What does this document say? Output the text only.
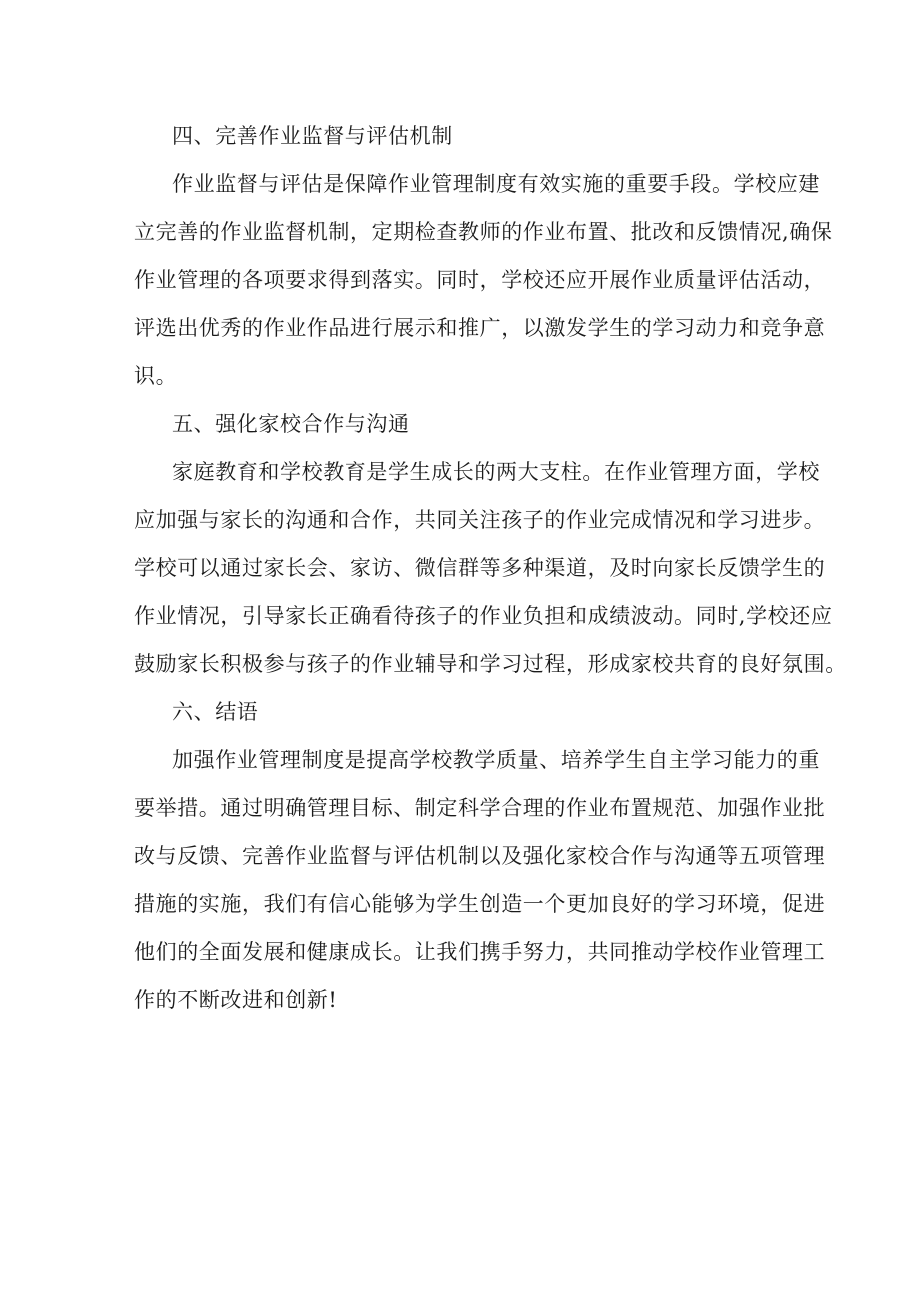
四、完善作业监督与评估机制
作业监督与评估是保障作业管理制度有效实施的重要手段。学校应建
立完善的作业监督机制，定期检查教师的作业布置、批改和反馈情况,确保
作业管理的各项要求得到落实。同时，学校还应开展作业质量评估活动，
评选出优秀的作业作品进行展示和推广，以激发学生的学习动力和竞争意
识。
五、强化家校合作与沟通
家庭教育和学校教育是学生成长的两大支柱。在作业管理方面，学校
应加强与家长的沟通和合作，共同关注孩子的作业完成情况和学习进步。
学校可以通过家长会、家访、微信群等多种渠道，及时向家长反馈学生的
作业情况，引导家长正确看待孩子的作业负担和成绩波动。同时,学校还应
鼓励家长积极参与孩子的作业辅导和学习过程，形成家校共育的良好氛围。
六、结语
加强作业管理制度是提高学校教学质量、培养学生自主学习能力的重
要举措。通过明确管理目标、制定科学合理的作业布置规范、加强作业批
改与反馈、完善作业监督与评估机制以及强化家校合作与沟通等五项管理
措施的实施，我们有信心能够为学生创造一个更加良好的学习环境，促进
他们的全面发展和健康成长。让我们携手努力，共同推动学校作业管理工
作的不断改进和创新!
